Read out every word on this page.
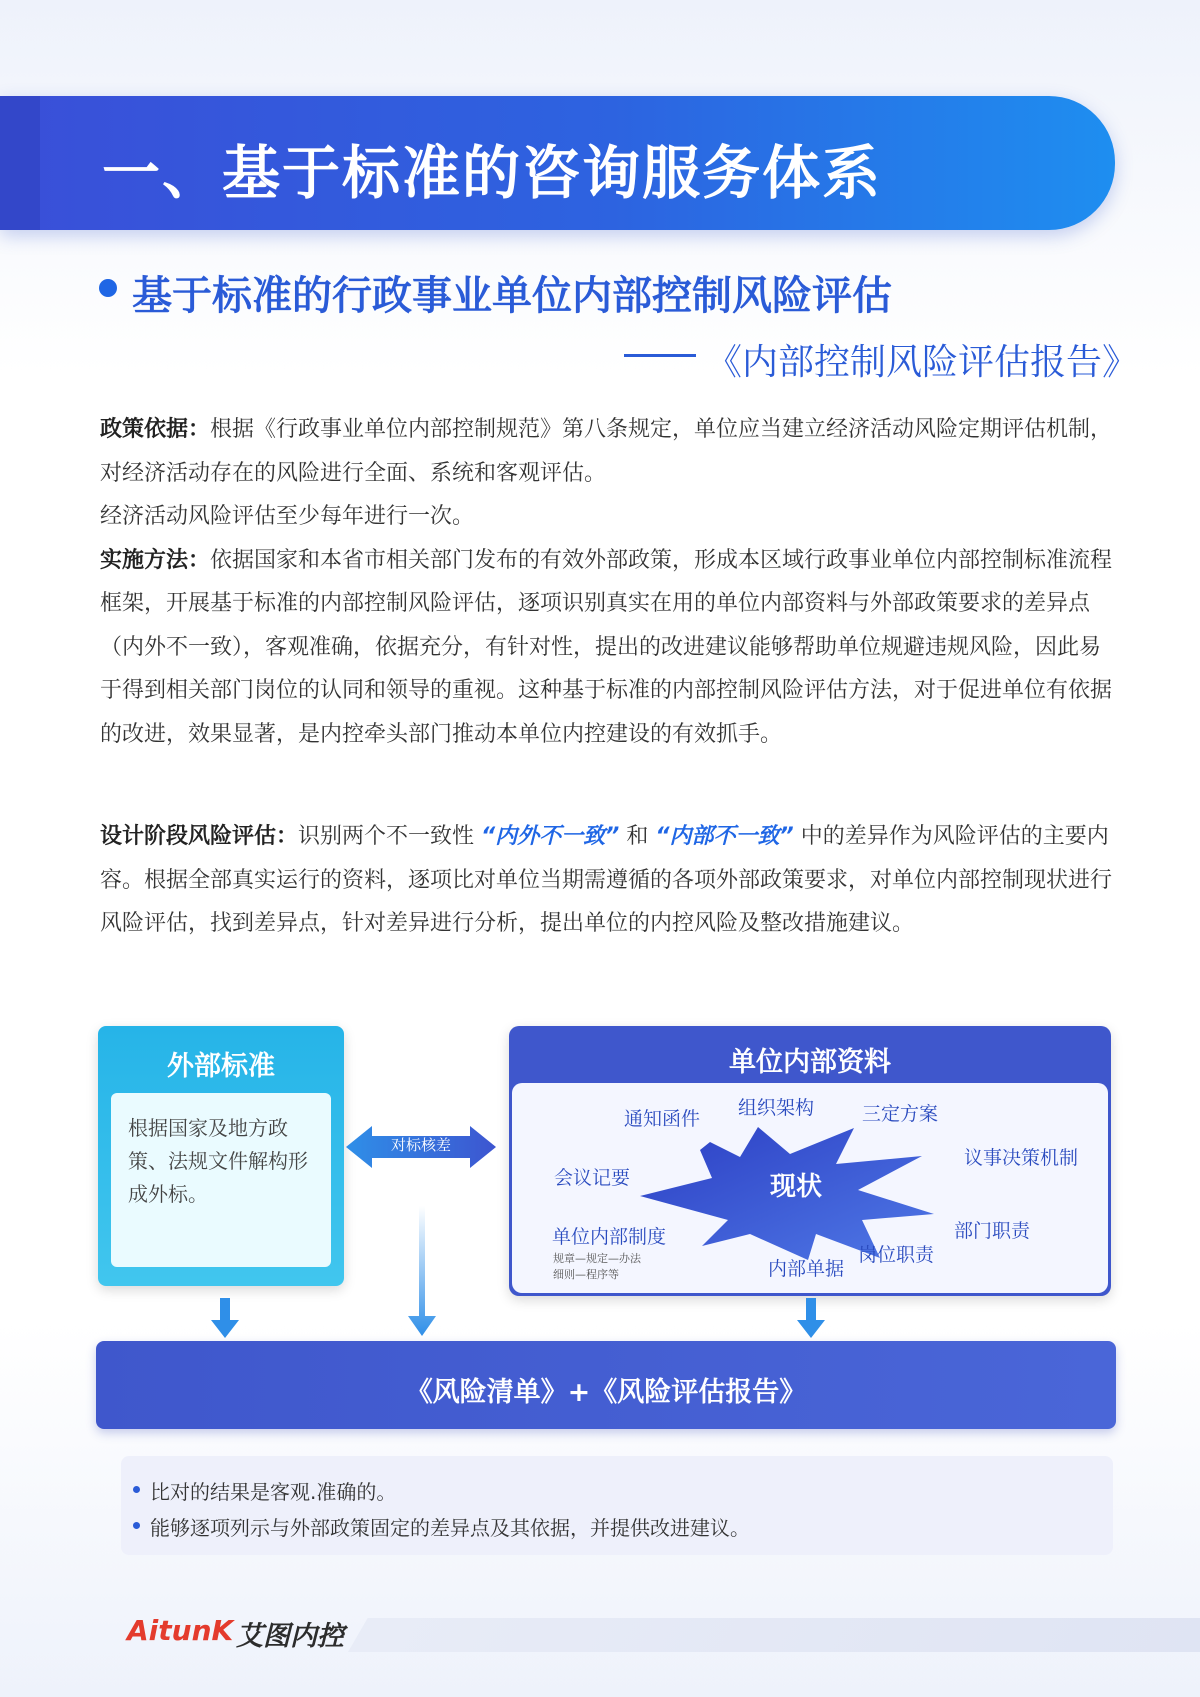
一、基于标准的咨询服务体系
基于标准的行政事业单位内部控制风险评估
《内部控制风险评估报告》
政策依据：根据《行政事业单位内部控制规范》第八条规定，单位应当建立经济活动风险定期评估机制，对经济活动存在的风险进行全面、系统和客观评估。
经济活动风险评估至少每年进行一次。
实施方法：依据国家和本省市相关部门发布的有效外部政策，形成本区域行政事业单位内部控制标准流程框架，开展基于标准的内部控制风险评估，逐项识别真实在用的单位内部资料与外部政策要求的差异点（内外不一致），客观准确，依据充分，有针对性，提出的改进建议能够帮助单位规避违规风险，因此易于得到相关部门岗位的认同和领导的重视。这种基于标准的内部控制风险评估方法，对于促进单位有依据的改进，效果显著，是内控牵头部门推动本单位内控建设的有效抓手。
设计阶段风险评估：识别两个不一致性 “内外不一致” 和 “内部不一致” 中的差异作为风险评估的主要内容。根据全部真实运行的资料，逐项比对单位当期需遵循的各项外部政策要求，对单位内部控制现状进行风险评估，找到差异点，针对差异进行分析，提出单位的内控风险及整改措施建议。
外部标准
根据国家及地方政策、法规文件解构形成外标。
对标核差
单位内部资料
现状
通知函件 组织架构	三定方案
会议记要
议事决策机制
单位内部制度
规章—规定—办法
细则—程序等
部门职责
岗位职责
内部单据
《风险清单》+《风险评估报告》
比对的结果是客观.准确的。
能够逐项列示与外部政策固定的差异点及其依据，并提供改进建议。
AitunK 艾图内控
